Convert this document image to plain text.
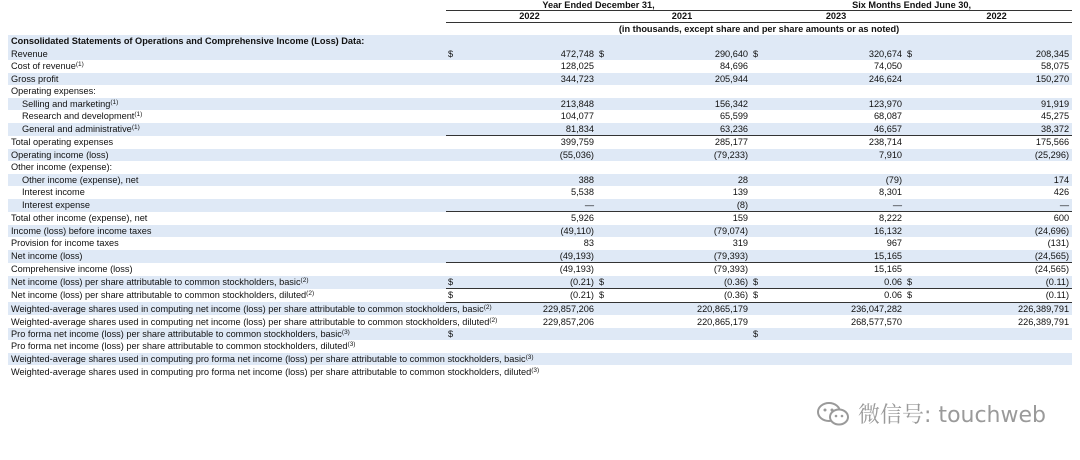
	Year Ended December 31,				Six Months Ended June 30,			
		2022		2021		2023		2022
	(in thousands, except share and per share amounts or as noted)							
Consolidated Statements of Operations and Comprehensive Income (Loss) Data:								
Revenue	$	472,748	$	290,640	$	320,674	$	208,345
Cost of revenue$^{(1)}$		128,025		84,696		74,050		58,075
Gross profit		344,723		205,944		246,624		150,270
Operating expenses:								
Selling and marketing$^{(1)}$		213,848		156,342		123,970		91,919
Research and development$^{(1)}$		104,077		65,599		68,087		45,275
General and administrative$^{(1)}$		81,834		63,236		46,657		38,372
Total operating expenses		399,759		285,177		238,714		175,566
Operating income (loss)		(55,036)		(79,233)		7,910		(25,296)
Other income (expense):								
Other income (expense), net		388		28		(79)		174
Interest income		5,538		139		8,301		426
Interest expense		—		(8)		—		—
Total other income (expense), net		5,926		159		8,222		600
Income (loss) before income taxes		(49,110)		(79,074)		16,132		(24,696)
Provision for income taxes		83		319		967		(131)
Net income (loss)		(49,193)		(79,393)		15,165		(24,565)
Comprehensive income (loss)		(49,193)		(79,393)		15,165		(24,565)
Net income (loss) per share attributable to common stockholders, basic$^{(2)}$	$	(0.21)	$	(0.36)	$	0.06	$	(0.11)
Net income (loss) per share attributable to common stockholders, diluted$^{(2)}$	$	(0.21)	$	(0.36)	$	0.06	$	(0.11)
Weighted-average shares used in computing net income (loss) per share attributable to common stockholders, basic$^{(2)}$		229,857,206		220,865,179		236,047,282		226,389,791
Weighted-average shares used in computing net income (loss) per share attributable to common stockholders, diluted$^{(2)}$		229,857,206		220,865,179		268,577,570		226,389,791
Pro forma net income (loss) per share attributable to common stockholders, basic$^{(3)}$	$				$			
Pro forma net income (loss) per share attributable to common stockholders, diluted$^{(3)}$								
Weighted-average shares used in computing pro forma net income (loss) per share attributable to common stockholders, basic$^{(3)}$								
Weighted-average shares used in computing pro forma net income (loss) per share attributable to common stockholders, diluted$^{(3)}$								
微信号: touchweb
